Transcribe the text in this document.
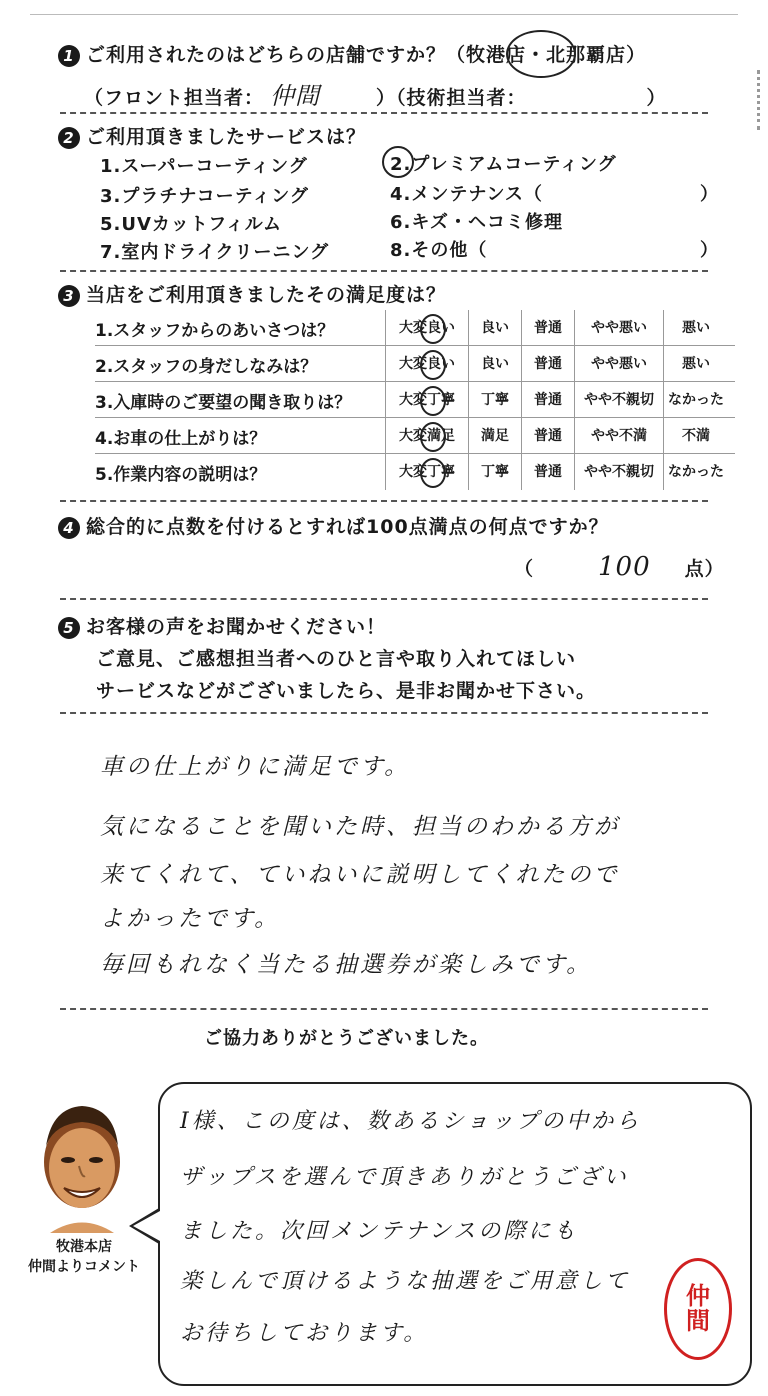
1 ご利用されたのはどちらの店舗ですか？（牧港店・北那覇店）
（フロント担当者： 仲間	）（技術担当者：	）
2 ご利用頂きましたサービスは？
1.スーパーコーティング	2.プレミアムコーティング
3.プラチナコーティング	4.メンテナンス（	）
5.UVカットフィルム	6.キズ・ヘコミ修理
7.室内ドライクリーニング	8.その他（	）
3 当店をご利用頂きましたその満足度は？
1.スタッフからのあいさつは？	大変良い	良い	普通	やや悪い	悪い
2.スタッフの身だしなみは？	大変良い	良い	普通	やや悪い	悪い
3.入庫時のご要望の聞き取りは？	大変丁寧	丁寧	普通	やや不親切	なかった
4.お車の仕上がりは？	大変満足	満足	普通	やや不満	不満
5.作業内容の説明は？	大変丁寧	丁寧	普通	やや不親切	なかった
4 総合的に点数を付けるとすれば100点満点の何点ですか？
（ 100 点）
5 お客様の声をお聞かせください！
ご意見、ご感想担当者へのひと言や取り入れてほしい
サービスなどがございましたら、是非お聞かせ下さい。
車の仕上がりに満足です。
気になることを聞いた時、担当のわかる方が
来てくれて、ていねいに説明してくれたので
よかったです。
毎回もれなく当たる抽選券が楽しみです。
ご協力ありがとうございました。
牧港本店
仲間よりコメント
I様、この度は、数あるショップの中から
ザップスを選んで頂きありがとうござい
ました。次回メンテナンスの際にも
楽しんで頂けるような抽選をご用意して
お待ちしております。
仲
間
